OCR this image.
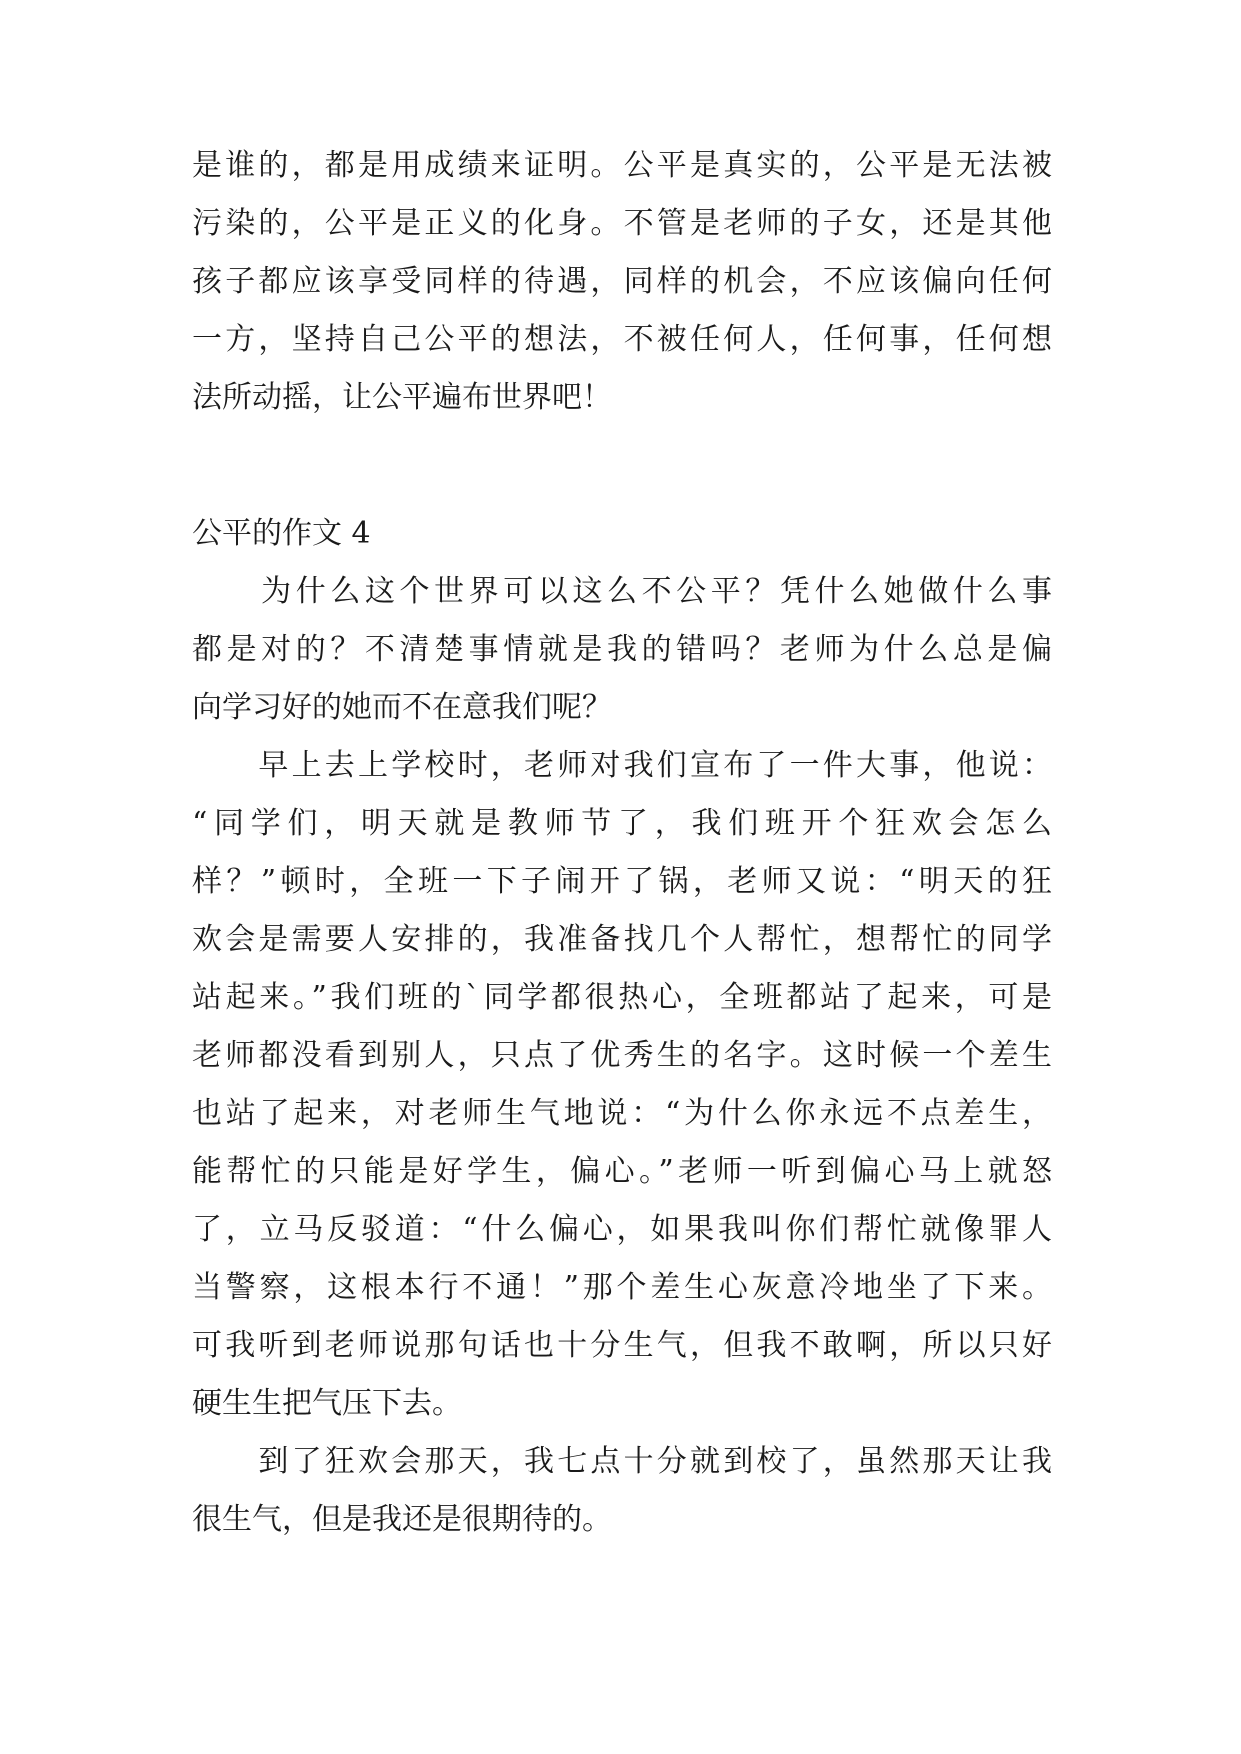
是谁的，都是用成绩来证明。公平是真实的，公平是无法被
污染的，公平是正义的化身。不管是老师的子女，还是其他
孩子都应该享受同样的待遇，同样的机会，不应该偏向任何
一方，坚持自己公平的想法，不被任何人，任何事，任何想
法所动摇，让公平遍布世界吧！
公平的作文 4
　　为什么这个世界可以这么不公平？凭什么她做什么事
都是对的？不清楚事情就是我的错吗？老师为什么总是偏
向学习好的她而不在意我们呢？
　　早上去上学校时，老师对我们宣布了一件大事，他说：
“同学们，明天就是教师节了，我们班开个狂欢会怎么
样？”顿时，全班一下子闹开了锅，老师又说：“明天的狂
欢会是需要人安排的，我准备找几个人帮忙，想帮忙的同学
站起来。”我们班的`同学都很热心，全班都站了起来，可是
老师都没看到别人，只点了优秀生的名字。这时候一个差生
也站了起来，对老师生气地说：“为什么你永远不点差生，
能帮忙的只能是好学生，偏心。”老师一听到偏心马上就怒
了，立马反驳道：“什么偏心，如果我叫你们帮忙就像罪人
当警察，这根本行不通！”那个差生心灰意冷地坐了下来。
可我听到老师说那句话也十分生气，但我不敢啊，所以只好
硬生生把气压下去。
　　到了狂欢会那天，我七点十分就到校了，虽然那天让我
很生气，但是我还是很期待的。
